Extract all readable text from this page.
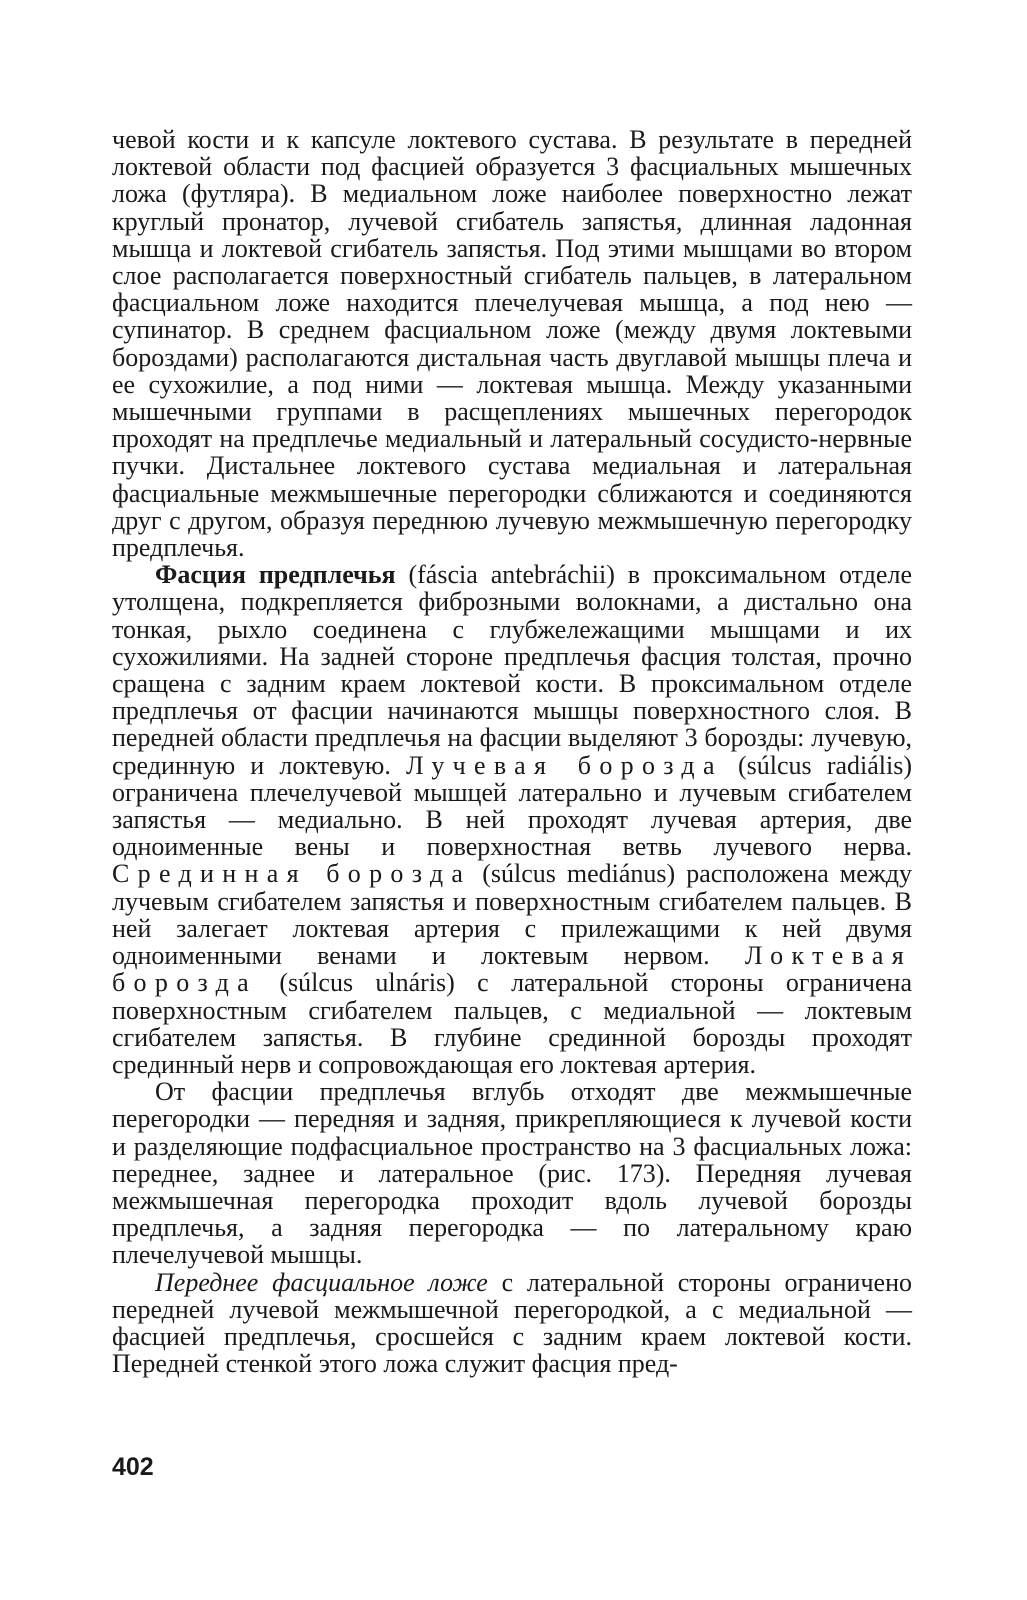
чевой кости и к капсуле локтевого сустава. В результате в передней локтевой области под фасцией образуется 3 фасциальных мышечных ложа (футляра). В медиальном ложе наиболее поверхностно лежат круглый пронатор, лучевой сгибатель запястья, длинная ладонная мышца и локтевой сгибатель запястья. Под этими мышцами во втором слое располагается поверхностный сгибатель пальцев, в латеральном фасциальном ложе находится плечелучевая мышца, а под нею — супинатор. В среднем фасциальном ложе (между двумя локтевыми бороздами) располагаются дистальная часть двуглавой мышцы плеча и ее сухожилие, а под ними — локтевая мышца. Между указанными мышечными группами в расщеплениях мышечных перегородок проходят на предплечье медиальный и латеральный сосудисто-нервные пучки. Дистальнее локтевого сустава медиальная и латеральная фасциальные межмышечные перегородки сближаются и соединяются друг с другом, образуя переднюю лучевую межмышечную перегородку предплечья.

Фасция предплечья (fáscia antebráchii) в проксимальном отделе утолщена, подкрепляется фиброзными волокнами, а дистально она тонкая, рыхло соединена с глубжележащими мышцами и их сухожилиями. На задней стороне предплечья фасция толстая, прочно сращена с задним краем локтевой кости. В проксимальном отделе предплечья от фасции начинаются мышцы поверхностного слоя. В передней области предплечья на фасции выделяют 3 борозды: лучевую, срединную и локтевую. Лучевая борозда (súlcus radiális) ограничена плечелучевой мышцей латерально и лучевым сгибателем запястья — медиально. В ней проходят лучевая артерия, две одноименные вены и поверхностная ветвь лучевого нерва. Срединная борозда (súlcus mediánus) расположена между лучевым сгибателем запястья и поверхностным сгибателем пальцев. В ней залегает локтевая артерия с прилежащими к ней двумя одноименными венами и локтевым нервом. Локтевая борозда (súlcus ulnáris) с латеральной стороны ограничена поверхностным сгибателем пальцев, с медиальной — локтевым сгибателем запястья. В глубине срединной борозды проходят срединный нерв и сопровождающая его локтевая артерия.

От фасции предплечья вглубь отходят две межмышечные перегородки — передняя и задняя, прикрепляющиеся к лучевой кости и разделяющие подфасциальное пространство на 3 фасциальных ложа: переднее, заднее и латеральное (рис. 173). Передняя лучевая межмышечная перегородка проходит вдоль лучевой борозды предплечья, а задняя перегородка — по латеральному краю плечелучевой мышцы.

Переднее фасциальное ложе с латеральной стороны ограничено передней лучевой межмышечной перегородкой, а с медиальной — фасцией предплечья, сросшейся с задним краем локтевой кости. Передней стенкой этого ложа служит фасция пред-

402
